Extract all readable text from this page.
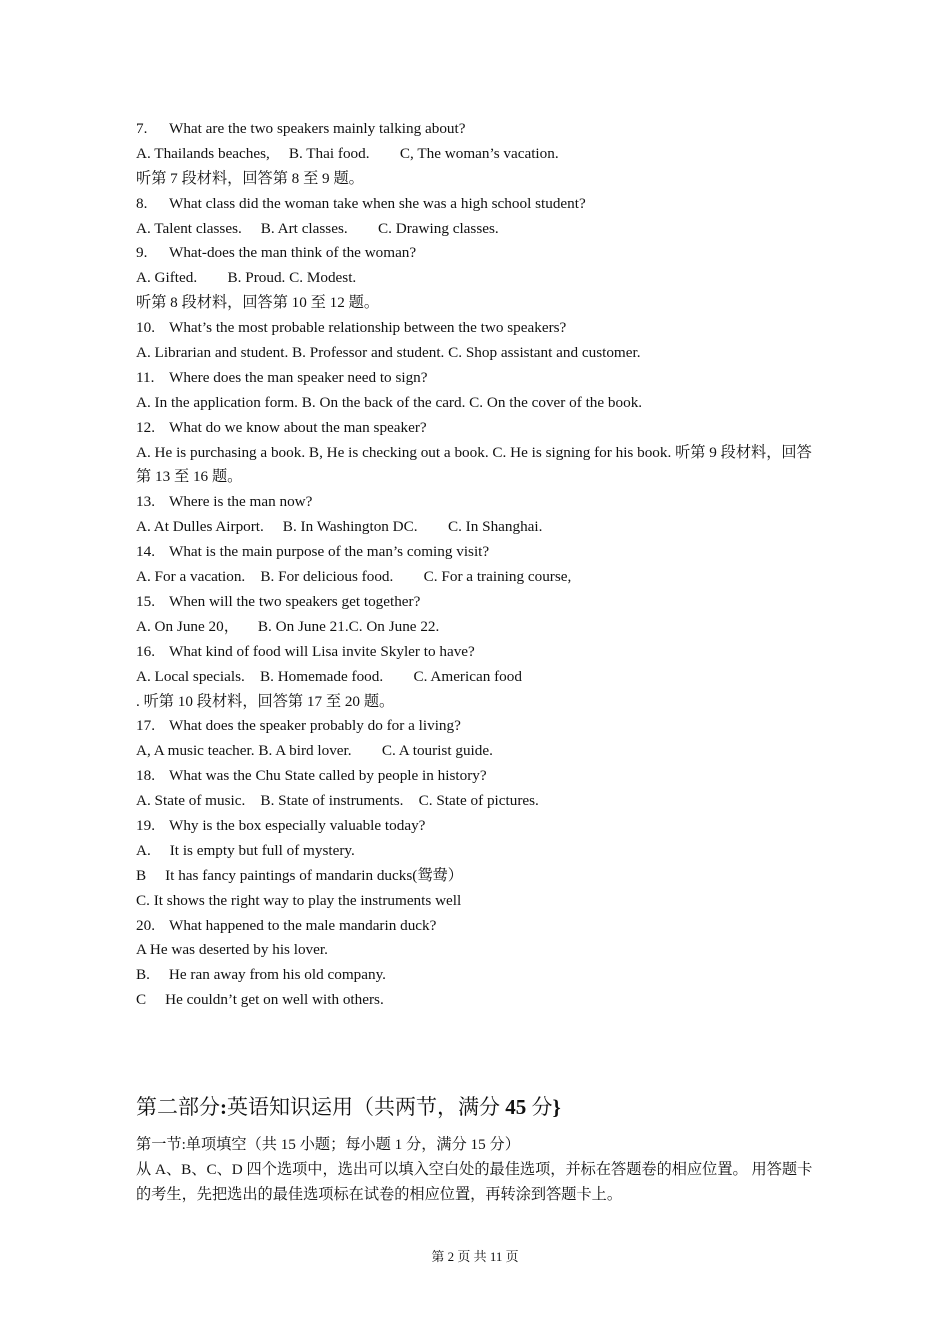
7. What are the two speakers mainly talking about?
A. Thailands beaches,  B. Thai food.  C, The woman’s vacation.
听第 7 段材料，回答第 8 至 9 题。
8. What class did the woman take when she was a high school student?
A. Talent classes.  B. Art classes.  C. Drawing classes.
9. What-does the man think of the woman?
A. Gifted.  B. Proud. C. Modest.
听第 8 段材料，回答第 10 至 12 题。
10. What’s the most probable relationship between the two speakers?
A. Librarian and student. B. Professor and student. C. Shop assistant and customer.
11. Where does the man speaker need to sign?
A. In the application form. B. On the back of the card. C. On the cover of the book.
12. What do we know about the man speaker?
A. He is purchasing a book. B, He is checking out a book. C. He is signing for his book. 听第 9 段材料，回答第 13 至 16 题。
13. Where is the man now?
A. At Dulles Airport.  B. In Washington DC.  C. In Shanghai.
14. What is the main purpose of the man’s coming visit?
A. For a vacation. B. For delicious food.  C. For a training course,
15. When will the two speakers get together?
A. On June 20，  B. On June 21.C. On June 22.
16. What kind of food will Lisa invite Skyler to have?
A. Local specials. B. Homemade food.  C. American food
. 听第 10 段材料，回答第 17 至 20 题。
17. What does the speaker probably do for a living?
A, A music teacher. B. A bird lover.  C. A tourist guide.
18. What was the Chu State called by people in history?
A. State of music. B. State of instruments. C. State of pictures.
19. Why is the box especially valuable today?
A.  It is empty but full of mystery.
B  It has fancy paintings of mandarin ducks(鸳鸯）
C. It shows the right way to play the instruments well
20. What happened to the male mandarin duck?
A He was deserted by his lover.
B.  He ran away from his old company.
C  He couldn’t get on well with others.
第二部分:英语知识运用（共两节，满分 45 分}
第一节:单项填空（共 15 小题；每小题 1 分，满分 15 分）
从 A、B、C、D 四个选项中，选出可以填入空白处的最佳选项，并标在答题卷的相应位置。 用答题卡的考生，先把选出的最佳选项标在试卷的相应位置，再转涂到答题卡上。
第 2 页 共 11 页
